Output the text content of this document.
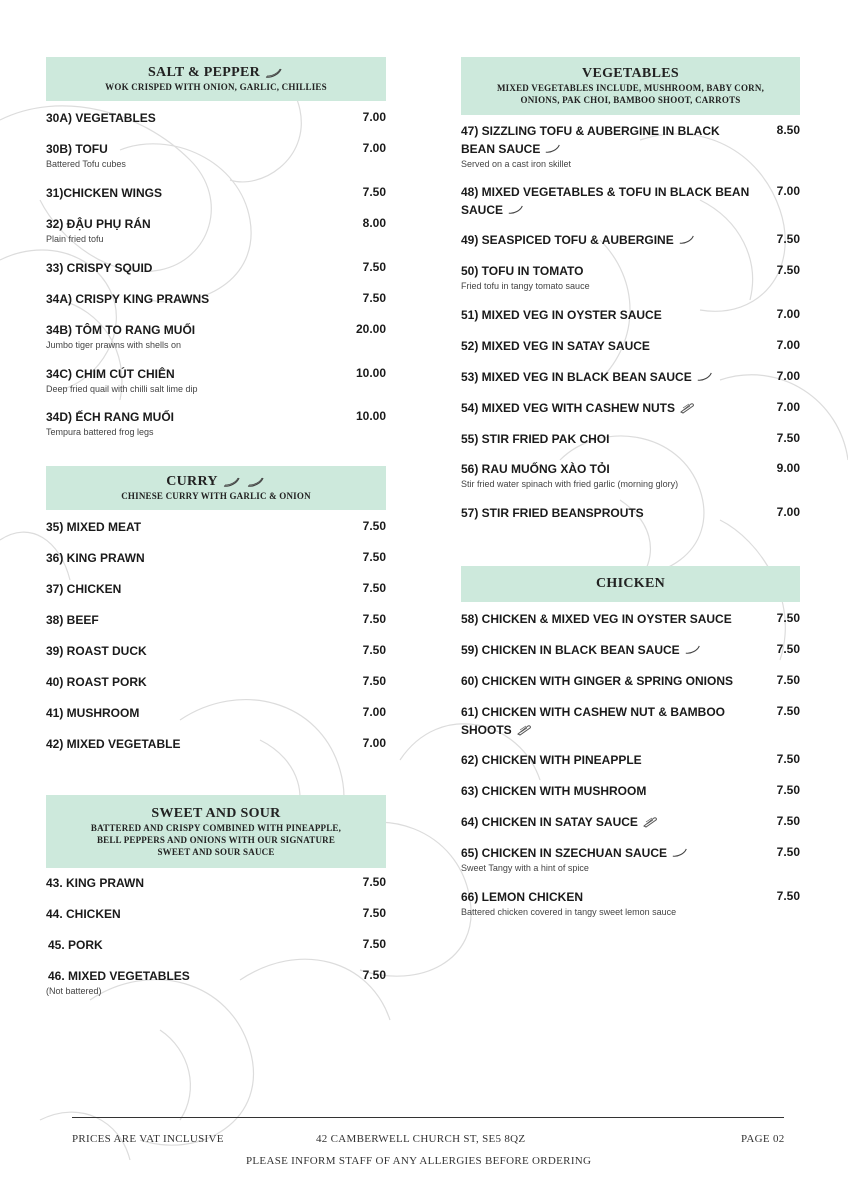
SALT & PEPPER
WOK CRISPED WITH ONION, GARLIC, CHILLIES
30A) VEGETABLES	7.00
30B) TOFU	7.00
Battered Tofu cubes
31)CHICKEN WINGS	7.50
32) ĐẬU PHỤ RÁN	8.00
Plain fried tofu
33) CRISPY SQUID	7.50
34A) CRISPY KING PRAWNS	7.50
34B) TÔM TO RANG MUỐI	20.00
Jumbo tiger prawns with shells on
34C) CHIM CÚT CHIÊN	10.00
Deep fried quail with chilli salt lime dip
34D) ẾCH RANG MUỐI	10.00
Tempura battered frog legs
CURRY
CHINESE CURRY WITH GARLIC & ONION
35) MIXED MEAT	7.50
36) KING PRAWN	7.50
37) CHICKEN	7.50
38) BEEF	7.50
39) ROAST DUCK	7.50
40) ROAST PORK	7.50
41) MUSHROOM	7.00
42) MIXED VEGETABLE	7.00
SWEET AND SOUR
BATTERED AND CRISPY COMBINED WITH PINEAPPLE,
BELL PEPPERS AND ONIONS WITH OUR SIGNATURE
SWEET AND SOUR SAUCE
43. KING PRAWN	7.50
44. CHICKEN	7.50
45. PORK	7.50
46. MIXED VEGETABLES	7.50
(Not battered)
VEGETABLES
MIXED VEGETABLES INCLUDE, MUSHROOM, BABY CORN,
ONIONS, PAK CHOI, BAMBOO SHOOT, CARROTS
47) SIZZLING TOFU & AUBERGINE IN BLACK BEAN SAUCE
8.50
Served on a cast iron skillet
48) MIXED VEGETABLES & TOFU IN BLACK BEAN SAUCE
7.00
49) SEASPICED TOFU & AUBERGINE	7.50
50) TOFU IN TOMATO	7.50
Fried tofu in tangy tomato sauce
51) MIXED VEG IN OYSTER SAUCE	7.00
52) MIXED VEG IN SATAY SAUCE	7.00
53) MIXED VEG IN BLACK BEAN SAUCE	7.00
54) MIXED VEG WITH CASHEW NUTS	7.00
55) STIR FRIED PAK CHOI	7.50
56) RAU MUỐNG XÀO TỎI	9.00
Stir fried water spinach with fried garlic (morning glory)
57) STIR FRIED BEANSPROUTS	7.00
CHICKEN
58) CHICKEN & MIXED VEG IN OYSTER SAUCE	7.50
59) CHICKEN IN BLACK BEAN SAUCE	7.50
60) CHICKEN WITH GINGER & SPRING ONIONS	7.50
61) CHICKEN WITH CASHEW NUT & BAMBOO SHOOTS
7.50
62) CHICKEN WITH PINEAPPLE	7.50
63) CHICKEN WITH MUSHROOM	7.50
64) CHICKEN IN SATAY SAUCE	7.50
65) CHICKEN IN SZECHUAN SAUCE	7.50
Sweet Tangy with a hint of spice
66) LEMON CHICKEN	7.50
Battered chicken covered in tangy sweet lemon sauce
PRICES ARE VAT INCLUSIVE	42 CAMBERWELL CHURCH ST, SE5 8QZ	PAGE 02
PLEASE INFORM STAFF OF ANY ALLERGIES BEFORE ORDERING
